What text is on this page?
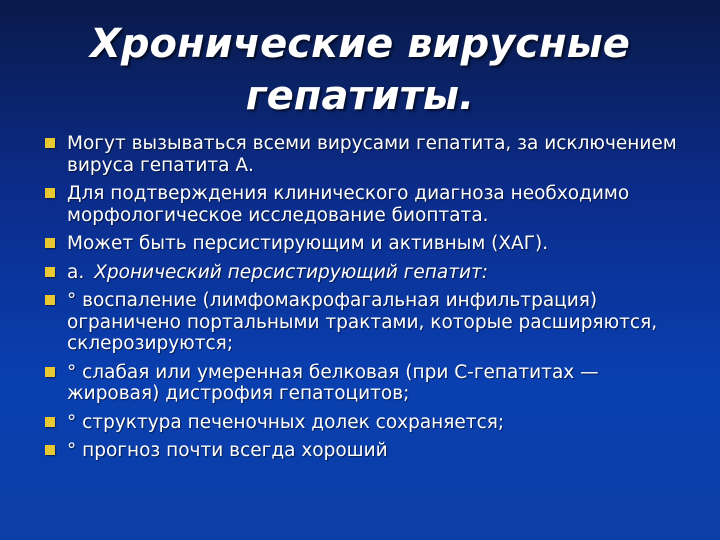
Хронические вирусные
гепатиты.
Могут вызываться всеми вирусами гепатита, за исключением вируса гепатита А.
Для подтверждения клинического диагноза необходимо морфологическое исследование биоптата.
Может быть персистирующим и активным (ХАГ).
а. Хронический персистирующий гепатит:
° воспаление (лимфомакрофагальная инфильтрация) ограничено портальными трактами, которые расширяются, склерозируются;
° слабая или умеренная белковая (при С-гепатитах — жировая) дистрофия гепатоцитов;
° структура печеночных долек сохраняется;
° прогноз почти всегда хороший
